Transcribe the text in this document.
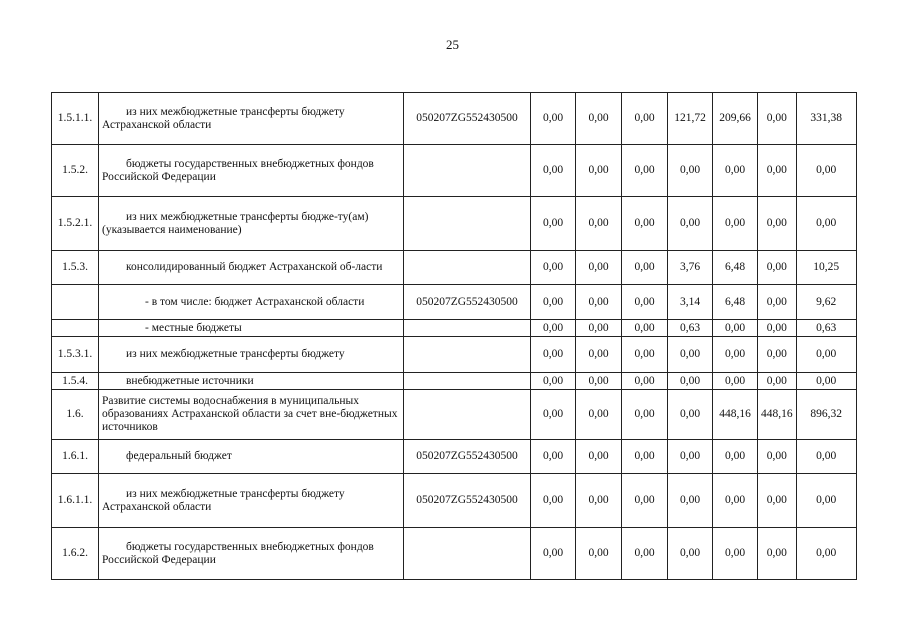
25
1.5.1.1.	из них межбюджетные трансферты бюджету Астраханской области	050207ZG552430500	0,00	0,00	0,00	121,72	209,66	0,00	331,38
1.5.2.	бюджеты государственных внебюджетных фондов Российской Федерации		0,00	0,00	0,00	0,00	0,00	0,00	0,00
1.5.2.1.	из них межбюджетные трансферты бюдже-ту(ам) (указывается наименование)		0,00	0,00	0,00	0,00	0,00	0,00	0,00
1.5.3.	консолидированный бюджет Астраханской об-ласти		0,00	0,00	0,00	3,76	6,48	0,00	10,25
	- в том числе: бюджет Астраханской области	050207ZG552430500	0,00	0,00	0,00	3,14	6,48	0,00	9,62
	- местные бюджеты		0,00	0,00	0,00	0,63	0,00	0,00	0,63
1.5.3.1.	из них межбюджетные трансферты бюджету		0,00	0,00	0,00	0,00	0,00	0,00	0,00
1.5.4.	внебюджетные источники		0,00	0,00	0,00	0,00	0,00	0,00	0,00
1.6.	Развитие системы водоснабжения в муниципальных образованиях Астраханской области за счет вне-бюджетных источников		0,00	0,00	0,00	0,00	448,16	448,16	896,32
1.6.1.	федеральный бюджет	050207ZG552430500	0,00	0,00	0,00	0,00	0,00	0,00	0,00
1.6.1.1.	из них межбюджетные трансферты бюджету Астраханской области	050207ZG552430500	0,00	0,00	0,00	0,00	0,00	0,00	0,00
1.6.2.	бюджеты государственных внебюджетных фондов Российской Федерации		0,00	0,00	0,00	0,00	0,00	0,00	0,00
